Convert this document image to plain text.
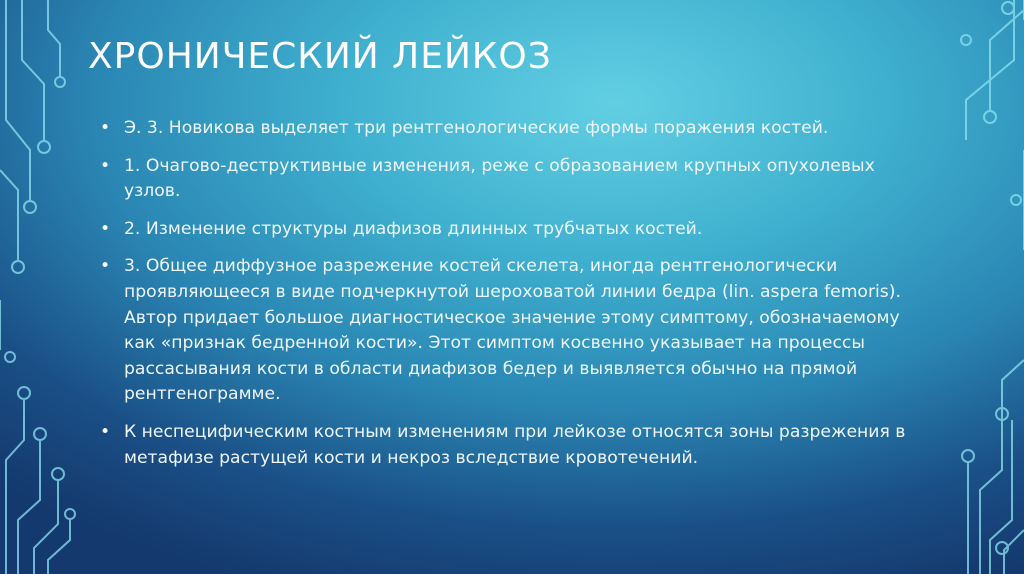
ХРОНИЧЕСКИЙ ЛЕЙКОЗ
• Э. 3. Новикова выделяет три рентгенологические формы поражения костей.
• 1. Очагово-деструктивные изменения, реже с образованием крупных опухолевых узлов.
• 2. Изменение структуры диафизов длинных трубчатых костей.
• 3. Общее диффузное разрежение костей скелета, иногда рентгенологически проявляющееся в виде подчеркнутой шероховатой линии бедра (lin. aspera femoris). Автор придает большое диагностическое значение этому симптому, обозначаемому как «признак бедренной кости». Этот симптом косвенно указывает на процессы рассасывания кости в области диафизов бедер и выявляется обычно на прямой рентгенограмме.
• К неспецифическим костным изменениям при лейкозе относятся зоны разрежения в метафизе растущей кости и некроз вследствие кровотечений.
